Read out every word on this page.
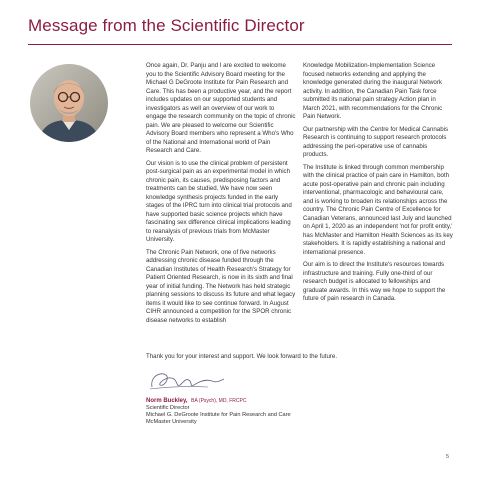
Message from the Scientific Director

Once again, Dr. Panju and I are excited to welcome you to the Scientific Advisory Board meeting for the Michael G DeGroote Institute for Pain Research and Care. This has been a productive year, and the report includes updates on our supported students and investigators as well an overview of our work to engage the research community on the topic of chronic pain. We are pleased to welcome our Scientific Advisory Board members who represent a Who's Who of the National and International world of Pain Research and Care.

Our vision is to use the clinical problem of persistent post-surgical pain as an experimental model in which chronic pain, its causes, predisposing factors and treatments can be studied. We have now seen knowledge synthesis projects funded in the early stages of the IPRC turn into clinical trial protocols and have supported basic science projects which have fascinating sex difference clinical implications leading to reanalysis of previous trials from McMaster University.

The Chronic Pain Network, one of five networks addressing chronic disease funded through the Canadian Institutes of Health Research's Strategy for Patient Oriented Research, is now in its sixth and final year of initial funding. The Network has held strategic planning sessions to discuss its future and what legacy items it would like to see continue forward. In August CIHR announced a competition for the SPOR chronic disease networks to establish

Knowledge Mobilization-Implementation Science focused networks extending and applying the knowledge generated during the inaugural Network activity. In addition, the Canadian Pain Task force submitted its national pain strategy Action plan in March 2021, with recommendations for the Chronic Pain Network.

Our partnership with the Centre for Medical Cannabis Research is continuing to support research protocols addressing the peri-operative use of cannabis products.

The Institute is linked through common membership with the clinical practice of pain care in Hamilton, both acute post-operative pain and chronic pain including interventional, pharmacologic and behavioural care, and is working to broaden its relationships across the country. The Chronic Pain Centre of Excellence for Canadian Veterans, announced last July and launched on April 1, 2020 as an independent 'not for profit entity,' has McMaster and Hamilton Health Sciences as its key stakeholders. It is rapidly establishing a national and international presence.

Our aim is to direct the Institute's resources towards infrastructure and training. Fully one-third of our research budget is allocated to fellowships and graduate awards. In this way we hope to support the future of pain research in Canada.

Thank you for your interest and support. We look forward to the future.
Norm Buckley, BA (Psych), MD, FRCPC
Scientific Director
Michael G. DeGroote Institute for Pain Research and Care
McMaster University
5
